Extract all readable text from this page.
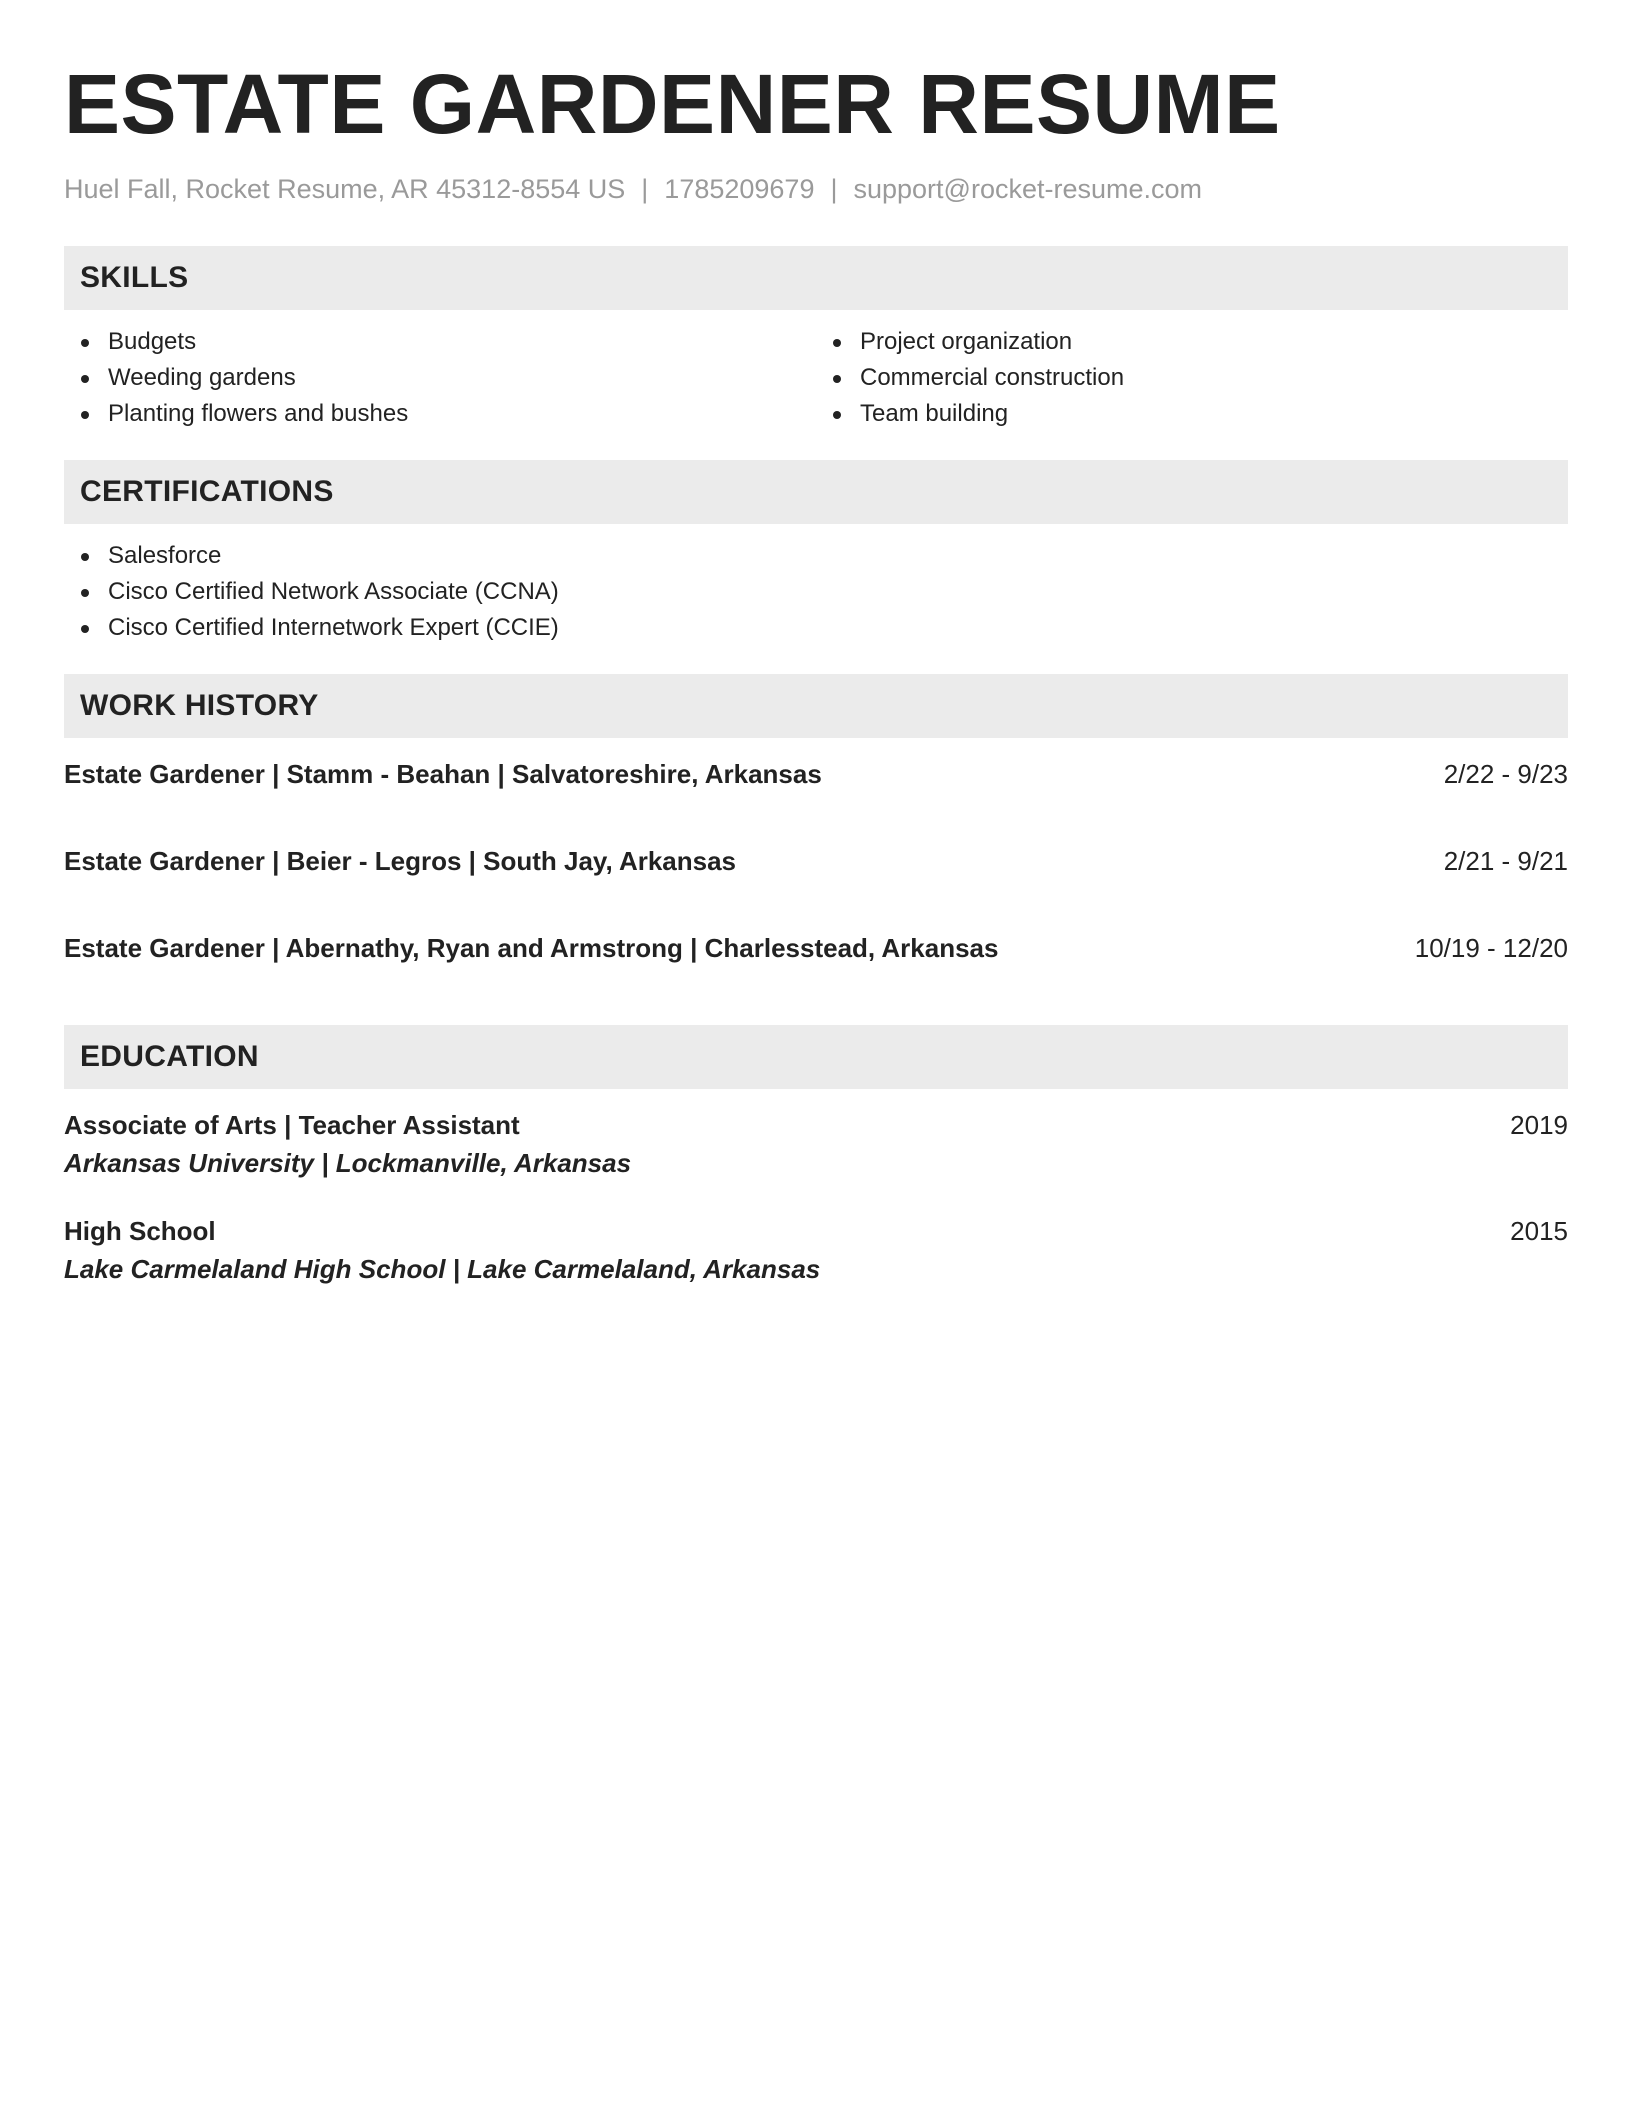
ESTATE GARDENER RESUME
Huel Fall, Rocket Resume, AR 45312-8554 US | 1785209679 | support@rocket-resume.com
SKILLS
Budgets
Weeding gardens
Planting flowers and bushes
Project organization
Commercial construction
Team building
CERTIFICATIONS
Salesforce
Cisco Certified Network Associate (CCNA)
Cisco Certified Internetwork Expert (CCIE)
WORK HISTORY
Estate Gardener | Stamm - Beahan | Salvatoreshire, Arkansas	2/22 - 9/23
Estate Gardener | Beier - Legros | South Jay, Arkansas	2/21 - 9/21
Estate Gardener | Abernathy, Ryan and Armstrong | Charlesstead, Arkansas	10/19 - 12/20
EDUCATION
Associate of Arts | Teacher Assistant	2019
Arkansas University | Lockmanville, Arkansas
High School	2015
Lake Carmelaland High School | Lake Carmelaland, Arkansas
